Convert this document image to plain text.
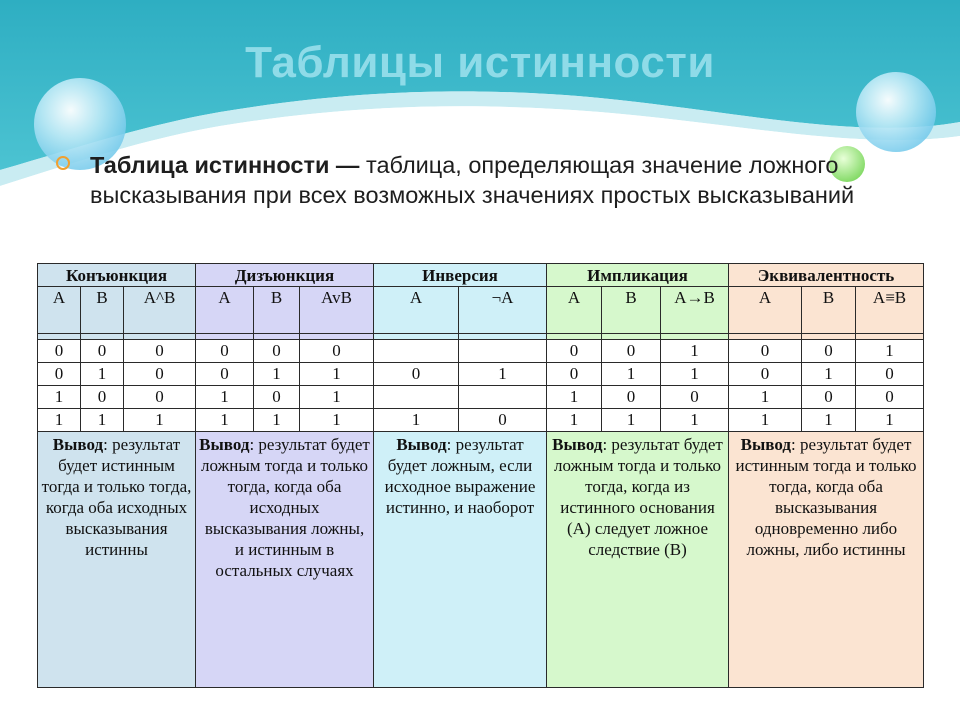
Таблицы истинности
Таблица истинности — таблица, определяющая значение ложного высказывания при всех возможных значениях простых высказываний
Конъюнкция			Дизъюнкция			Инверсия		Импликация			Эквивалентность		
A	B	A^B	A	B	AvB	A	¬A	A	B	A→B	A	B	A≡B

0	0	0	0	0	0			0	0	1	0	0	1
0	1	0	0	1	1	0	1	0	1	1	0	1	0
1	0	0	1	0	1			1	0	0	1	0	0
1	1	1	1	1	1	1	0	1	1	1	1	1	1
Вывод: результат будет истинным тогда и только тогда, когда оба исходных высказывания истинны			Вывод: результат будет ложным тогда и только тогда, когда оба исходных высказывания ложны, и истинным в остальных случаях			Вывод: результат будет ложным, если исходное выражение истинно, и наоборот		Вывод: результат будет ложным тогда и только тогда, когда из истинного основания (A) следует ложное следствие (B)			Вывод: результат будет истинным тогда и только тогда, когда оба высказывания одновременно либо ложны, либо истинны		
